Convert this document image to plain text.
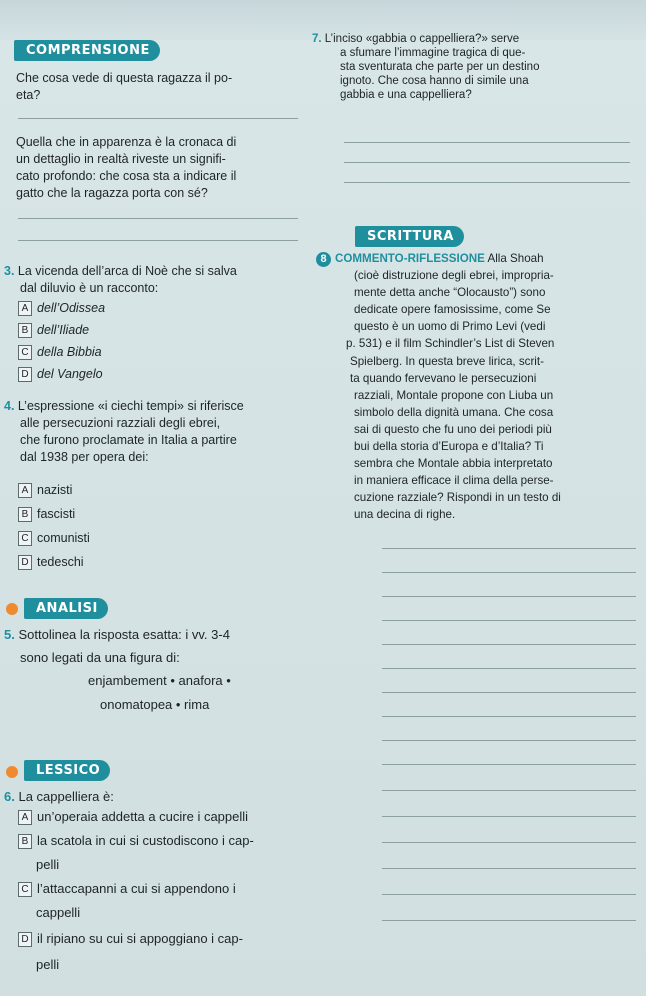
COMPRENSIONE
Che cosa vede di questa ragazza il po-
eta?
Quella che in apparenza è la cronaca di
un dettaglio in realtà riveste un signifi-
cato profondo: che cosa sta a indicare il
gatto che la ragazza porta con sé?
3. La vicenda dell’arca di Noè che si salva
dal diluvio è un racconto:
A dell’Odissea
B dell’Iliade
C della Bibbia
D del Vangelo
4. L’espressione «i ciechi tempi» si riferisce
alle persecuzioni razziali degli ebrei,
che furono proclamate in Italia a partire
dal 1938 per opera dei:
A nazisti
B fascisti
C comunisti
D tedeschi
ANALISI
5. Sottolinea la risposta esatta: i vv. 3-4
sono legati da una figura di:
enjambement • anafora •
onomatopea • rima
LESSICO
6. La cappelliera è:
A un’operaia addetta a cucire i cappelli
B la scatola in cui si custodiscono i cap-
pelli
C l’attaccapanni a cui si appendono i
cappelli
D il ripiano su cui si appoggiano i cap-
pelli
7. L’inciso «gabbia o cappelliera?» serve
a sfumare l’immagine tragica di que-
sta sventurata che parte per un destino
ignoto. Che cosa hanno di simile una
gabbia e una cappelliera?
SCRITTURA
8 COMMENTO-RIFLESSIONE Alla Shoah
(cioè distruzione degli ebrei, impropria-
mente detta anche “Olocausto”) sono
dedicate opere famosissime, come Se
questo è un uomo di Primo Levi (vedi
p. 531) e il film Schindler’s List di Steven
Spielberg. In questa breve lirica, scrit-
ta quando fervevano le persecuzioni
razziali, Montale propone con Liuba un
simbolo della dignità umana. Che cosa
sai di questo che fu uno dei periodi più
bui della storia d’Europa e d’Italia? Ti
sembra che Montale abbia interpretato
in maniera efficace il clima della perse-
cuzione razziale? Rispondi in un testo di
una decina di righe.
